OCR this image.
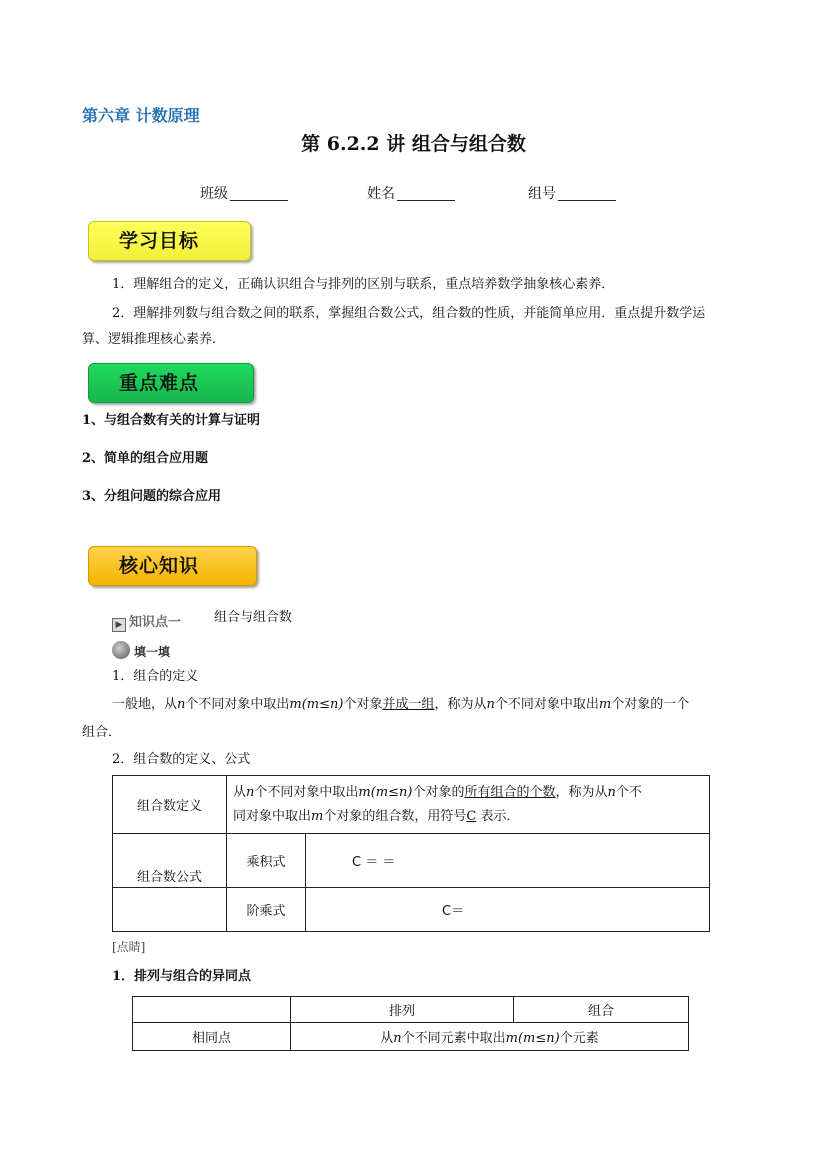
第六章 计数原理
第 6.2.2 讲 组合与组合数
班级	姓名	组号
学习目标
1．理解组合的定义，正确认识组合与排列的区别与联系，重点培养数学抽象核心素养．
2．理解排列数与组合数之间的联系，掌握组合数公式，组合数的性质，并能简单应用．重点提升数学运
算、逻辑推理核心素养．
重点难点
1、与组合数有关的计算与证明
2、简单的组合应用题
3、分组问题的综合应用
核心知识
▶ 知识点一	组合与组合数
填一填
1．组合的定义
一般地，从n个不同对象中取出m(m≤n)个对象并成一组，称为从n个不同对象中取出m个对象的一个
组合．
2．组合数的定义、公式
组合数定义	从n个不同对象中取出m(m≤n)个对象的所有组合的个数，称为从n个不
同对象中取出m个对象的组合数，用符号C 表示．	
组合数公式	乘积式	C ＝ ＝
	阶乘式	C＝
[点睛]
1．排列与组合的异同点
	排列	组合
相同点	从n个不同元素中取出m(m≤n)个元素	
